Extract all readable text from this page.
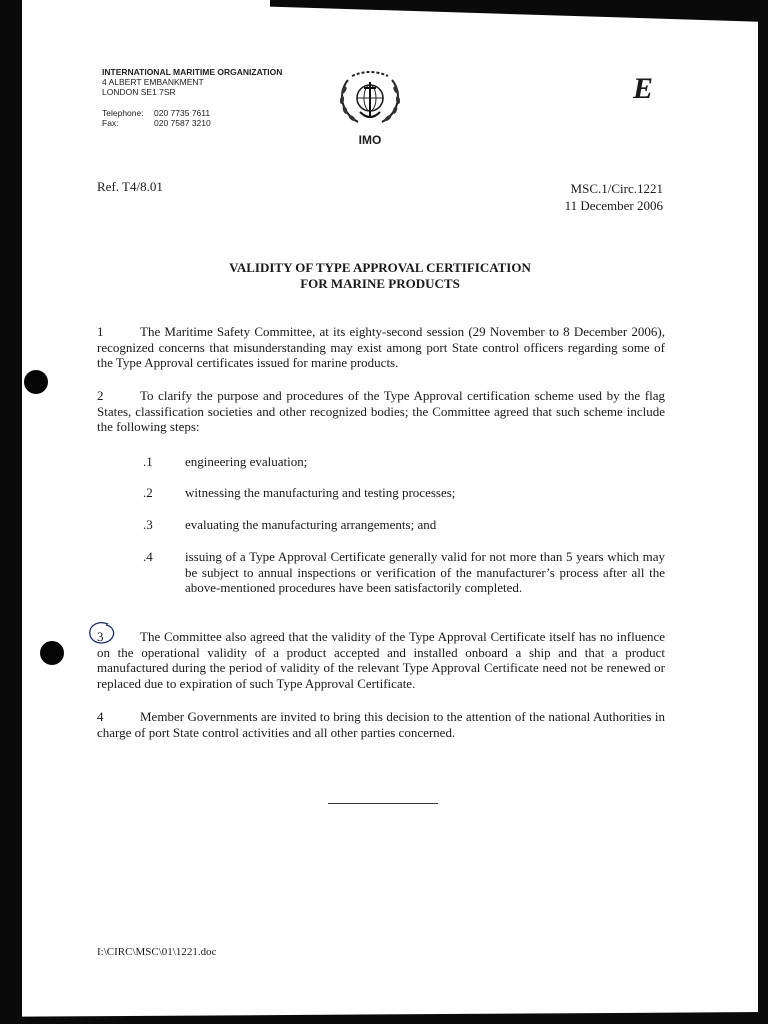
INTERNATIONAL MARITIME ORGANIZATION
4 ALBERT EMBANKMENT
LONDON SE1 7SR
Telephone:	020 7735 7611
Fax:	020 7587 3210
IMO
E
Ref. T4/8.01	MSC.1/Circ.1221
11 December 2006
VALIDITY OF TYPE APPROVAL CERTIFICATION
FOR MARINE PRODUCTS
1	The Maritime Safety Committee, at its eighty-second session (29 November to 8 December 2006), recognized concerns that misunderstanding may exist among port State control officers regarding some of the Type Approval certificates issued for marine products.
2	To clarify the purpose and procedures of the Type Approval certification scheme used by the flag States, classification societies and other recognized bodies; the Committee agreed that such scheme include the following steps:
.1	engineering evaluation;
.2	witnessing the manufacturing and testing processes;
.3	evaluating the manufacturing arrangements; and
.4	issuing of a Type Approval Certificate generally valid for not more than 5 years which may be subject to annual inspections or verification of the manufacturer’s process after all the above-mentioned procedures have been satisfactorily completed.
3	The Committee also agreed that the validity of the Type Approval Certificate itself has no influence on the operational validity of a product accepted and installed onboard a ship and that a product manufactured during the period of validity of the relevant Type Approval Certificate need not be renewed or replaced due to expiration of such Type Approval Certificate.
4	Member Governments are invited to bring this decision to the attention of the national Authorities in charge of port State control activities and all other parties concerned.
I:\CIRC\MSC\01\1221.doc
